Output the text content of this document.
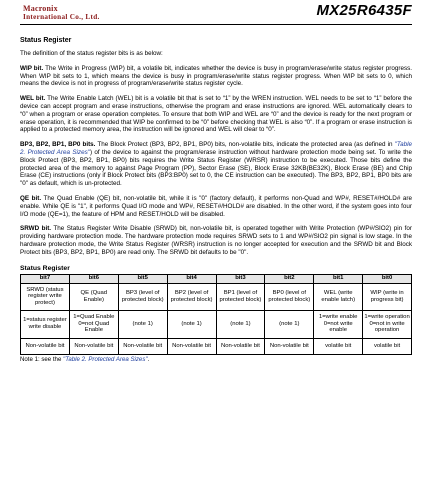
Macronix
International Co., Ltd.	MX25R6435F
Status Register

The definition of the status register bits is as below:

WIP bit. The Write in Progress (WIP) bit, a volatile bit, indicates whether the device is busy in program/erase/write status register progress. When WIP bit sets to 1, which means the device is busy in program/erase/write status register progress. When WIP bit sets to 0, which means the device is not in progress of program/erase/write status register cycle.

WEL bit. The Write Enable Latch (WEL) bit is a volatile bit that is set to “1” by the WREN instruction. WEL needs to be set to “1” before the device can accept program and erase instructions, otherwise the program and erase instructions are ignored. WEL automatically clears to “0” when a program or erase operation completes. To ensure that both WIP and WEL are “0” and the device is ready for the next program or erase operation, it is recommended that WIP be confirmed to be “0” before checking that WEL is also “0”. If a program or erase instruction is applied to a protected memory area, the instruction will be ignored and WEL will clear to “0”.

BP3, BP2, BP1, BP0 bits. The Block Protect (BP3, BP2, BP1, BP0) bits, non-volatile bits, indicate the protected area (as defined in "Table 2. Protected Area Sizes") of the device to against the program/erase instruction without hardware protection mode being set. To write the Block Protect (BP3, BP2, BP1, BP0) bits requires the Write Status Register (WRSR) instruction to be executed. Those bits define the protected area of the memory to against Page Program (PP), Sector Erase (SE), Block Erase 32KB(BE32K), Block Erase (BE) and Chip Erase (CE) instructions (only if Block Protect bits (BP3:BP0) set to 0, the CE instruction can be executed). The BP3, BP2, BP1, BP0 bits are "0" as default, which is un-protected.

QE bit. The Quad Enable (QE) bit, non-volatile bit, while it is "0" (factory default), it performs non-Quad and WP#, RESET#/HOLD# are enable. While QE is "1", it performs Quad I/O mode and WP#, RESET#/HOLD# are disabled. In the other word, if the system goes into four I/O mode (QE=1), the feature of HPM and RESET/HOLD will be disabled.

SRWD bit. The Status Register Write Disable (SRWD) bit, non-volatile bit, is operated together with Write Protection (WP#/SIO2) pin for providing hardware protection mode. The hardware protection mode requires SRWD sets to 1 and WP#/SIO2 pin signal is low stage. In the hardware protection mode, the Write Status Register (WRSR) instruction is no longer accepted for execution and the SRWD bit and Block Protect bits (BP3, BP2, BP1, BP0) are read only. The SRWD bit defaults to be "0".

Status Register
bit7	bit6	bit5	bit4	bit3	bit2	bit1	bit0
SRWD (status register write protect)	QE (Quad Enable)	BP3 (level of protected block)	BP2 (level of protected block)	BP1 (level of protected block)	BP0 (level of protected block)	WEL (write enable latch)	WIP (write in progress bit)
1=status register write disable	1=Quad Enable 0=not Quad Enable	(note 1)	(note 1)	(note 1)	(note 1)	1=write enable 0=not write enable	1=write operation 0=not in write operation
Non-volatile bit	Non-volatile bit	Non-volatile bit	Non-volatile bit	Non-volatile bit	Non-volatile bit	volatile bit	volatile bit

Note 1: see the "Table 2. Protected Area Sizes".
